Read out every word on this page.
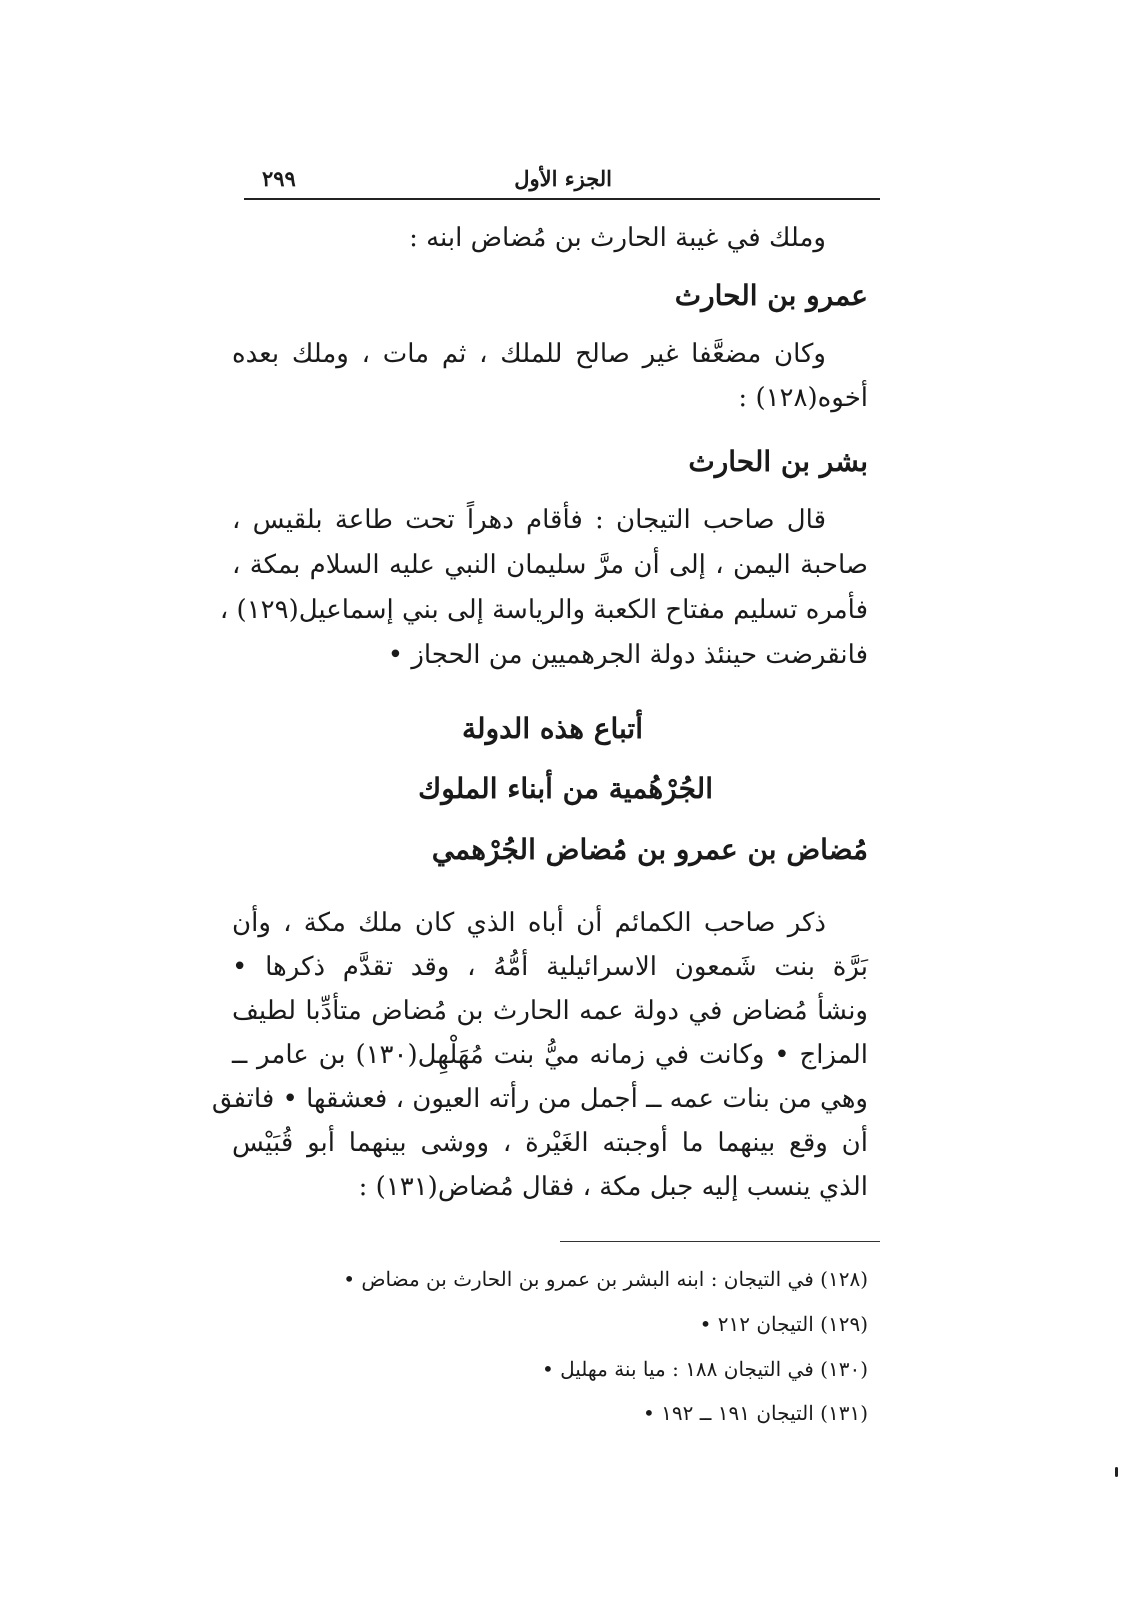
الجزء الأول
٢٩٩
وملك في غيبة الحارث بن مُضاض ابنه :
عمرو بن الحارث
وكان مضعَّفا غير صالح للملك ، ثم مات ، وملك بعده
أخوه(١٢٨) :
بشر بن الحارث
قال صاحب التيجان : فأقام دهراً تحت طاعة بلقيس ،
صاحبة اليمن ، إلى أن مرَّ سليمان النبي عليه السلام بمكة ،
فأمره تسليم مفتاح الكعبة والرياسة إلى بني إسماعيل(١٢٩) ،
فانقرضت حينئذ دولة الجرهميين من الحجاز •
أتباع هذه الدولة
الجُرْهُمية من أبناء الملوك
مُضاض بن عمرو بن مُضاض الجُرْهمي
ذكر صاحب الكمائم أن أباه الذي كان ملك مكة ، وأن
بَرَّة بنت شَمعون الاسرائيلية أمُّهُ ، وقد تقدَّم ذكرها •
ونشأ مُضاض في دولة عمه الحارث بن مُضاض متأدِّبا لطيف
المزاج • وكانت في زمانه ميُّ بنت مُهَلْهِل(١٣٠) بن عامر ــ
وهي من بنات عمه ــ أجمل من رأته العيون ، فعشقها • فاتفق
أن وقع بينهما ما أوجبته الغَيْرة ، ووشى بينهما أبو قُبَيْس
الذي ينسب إليه جبل مكة ، فقال مُضاض(١٣١) :
(١٢٨) في التيجان : ابنه البشر بن عمرو بن الحارث بن مضاض •
(١٢٩) التيجان ٢١٢ •
(١٣٠) في التيجان ١٨٨ : ميا بنة مهليل •
(١٣١) التيجان ١٩١ ــ ١٩٢ •
